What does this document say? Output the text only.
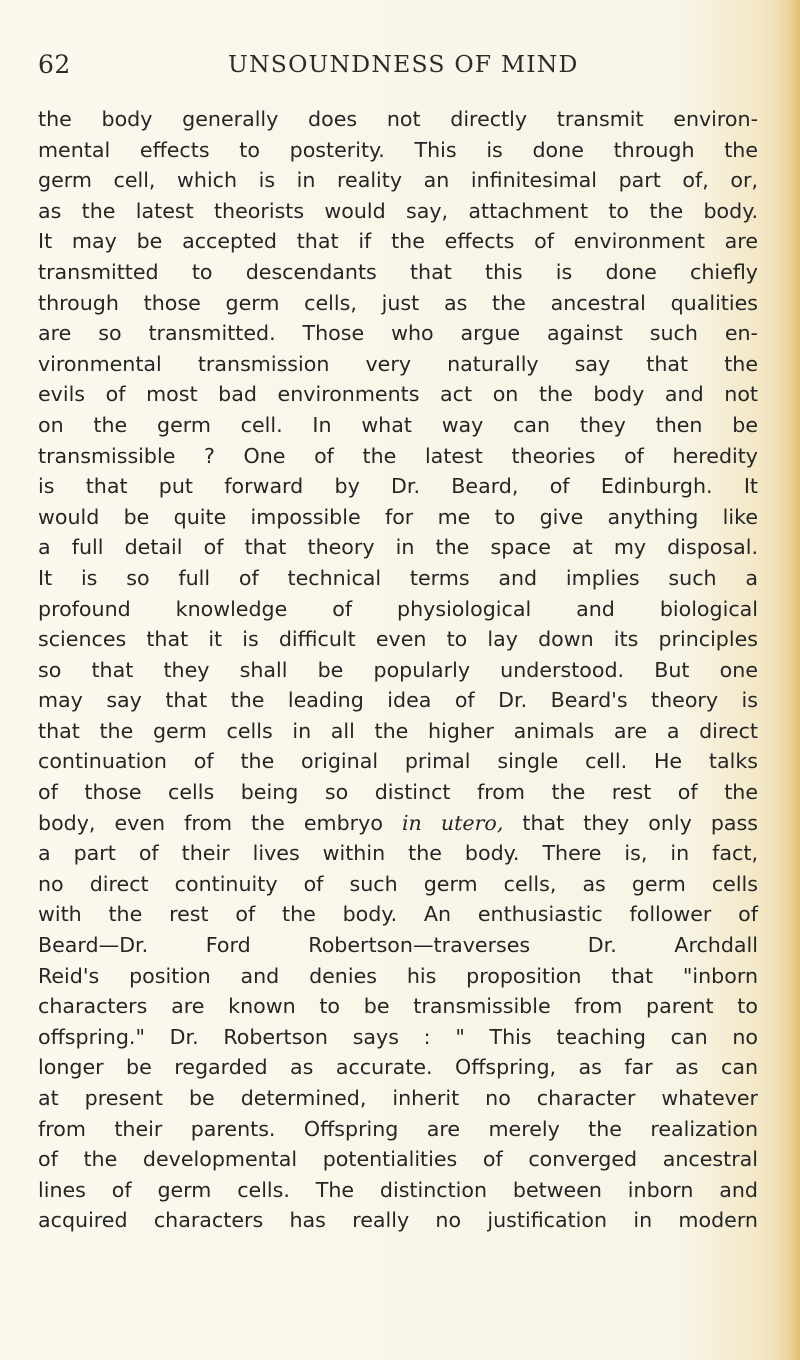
62	UNSOUNDNESS OF MIND
the body generally does not directly transmit environ-
mental effects to posterity. This is done through the
germ cell, which is in reality an infinitesimal part of, or,
as the latest theorists would say, attachment to the body.
It may be accepted that if the effects of environment are
transmitted to descendants that this is done chiefly
through those germ cells, just as the ancestral qualities
are so transmitted. Those who argue against such en-
vironmental transmission very naturally say that the
evils of most bad environments act on the body and not
on the germ cell. In what way can they then be
transmissible ? One of the latest theories of heredity
is that put forward by Dr. Beard, of Edinburgh. It
would be quite impossible for me to give anything like
a full detail of that theory in the space at my disposal.
It is so full of technical terms and implies such a
profound knowledge of physiological and biological
sciences that it is difficult even to lay down its principles
so that they shall be popularly understood. But one
may say that the leading idea of Dr. Beard's theory is
that the germ cells in all the higher animals are a direct
continuation of the original primal single cell. He talks
of those cells being so distinct from the rest of the
body, even from the embryo in utero, that they only pass
a part of their lives within the body. There is, in fact,
no direct continuity of such germ cells, as germ cells
with the rest of the body. An enthusiastic follower of
Beard—Dr. Ford Robertson—traverses Dr. Archdall
Reid's position and denies his proposition that "inborn
characters are known to be transmissible from parent to
offspring." Dr. Robertson says : " This teaching can no
longer be regarded as accurate. Offspring, as far as can
at present be determined, inherit no character whatever
from their parents. Offspring are merely the realization
of the developmental potentialities of converged ancestral
lines of germ cells. The distinction between inborn and
acquired characters has really no justification in modern
